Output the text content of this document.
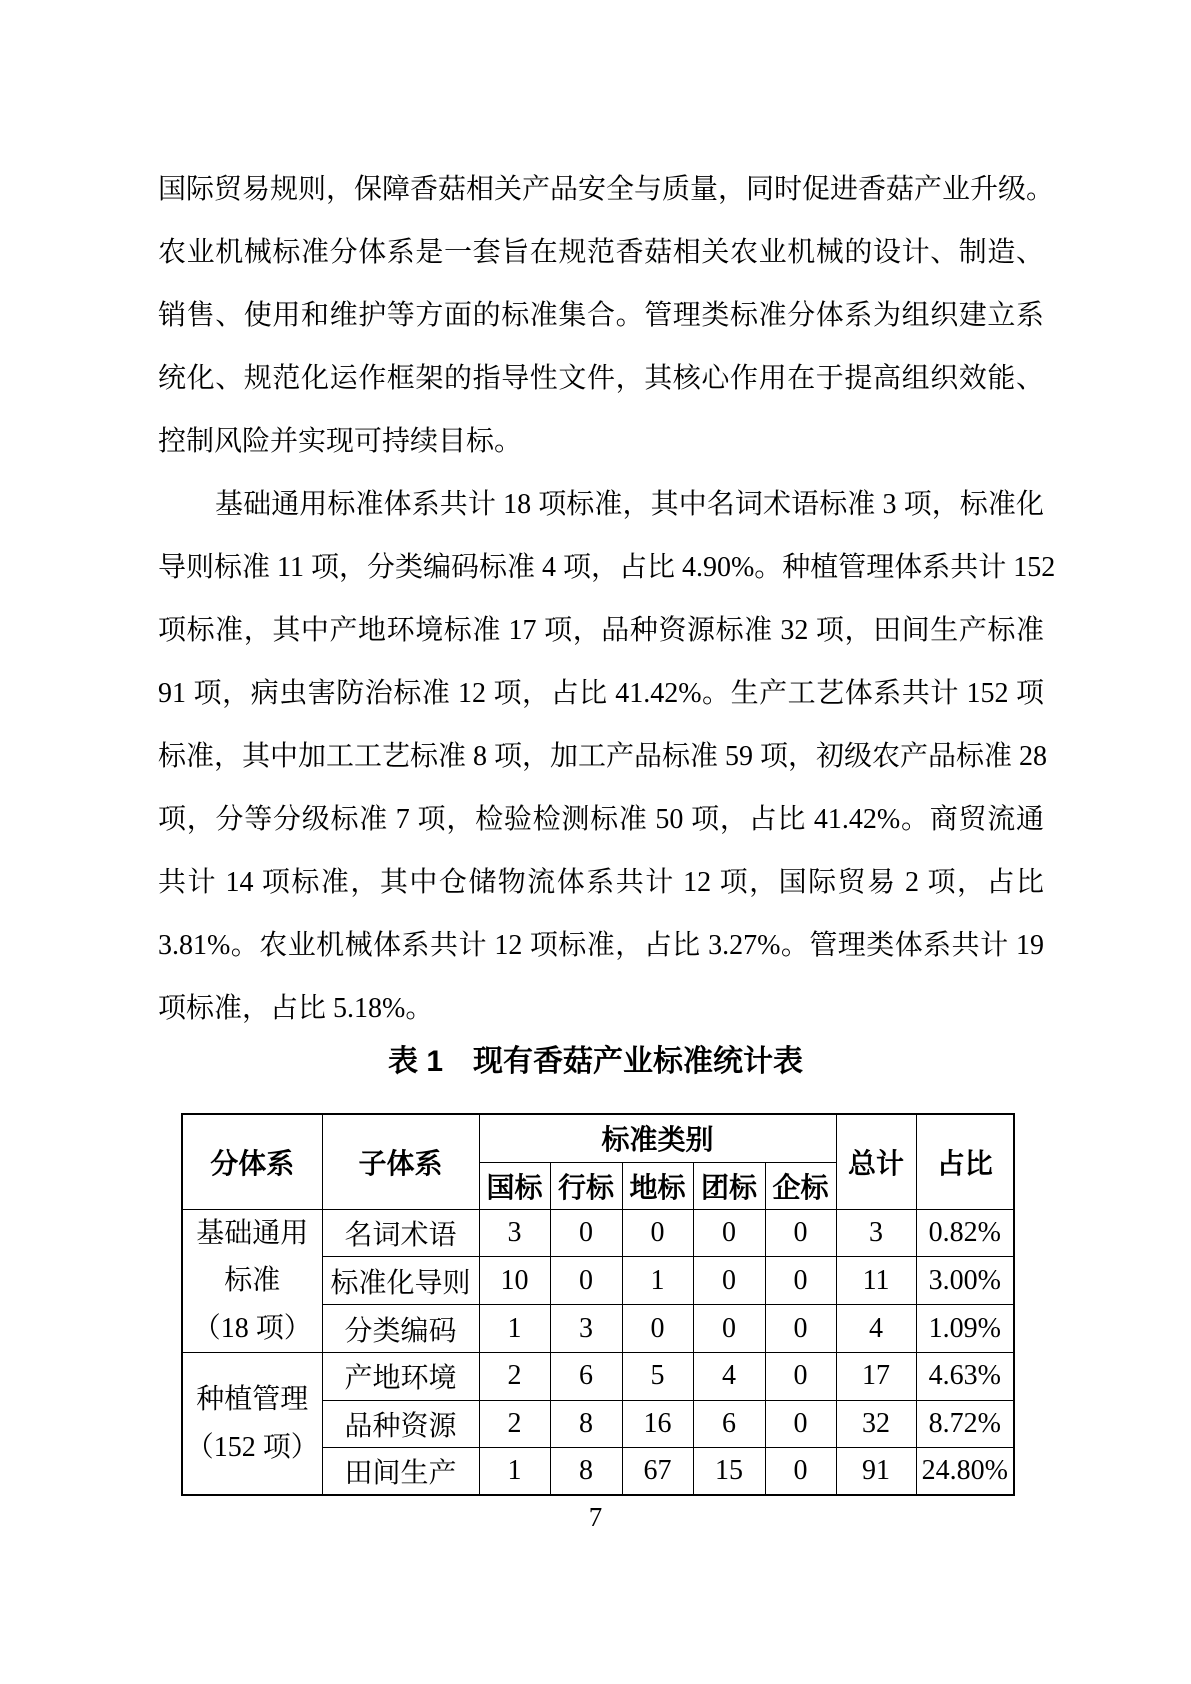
国际贸易规则，保障香菇相关产品安全与质量，同时促进香菇产业升级。
农业机械标准分体系是一套旨在规范香菇相关农业机械的设计、制造、
销售、使用和维护等方面的标准集合。管理类标准分体系为组织建立系
统化、规范化运作框架的指导性文件，其核心作用在于提高组织效能、
控制风险并实现可持续目标。
基础通用标准体系共计 18 项标准，其中名词术语标准 3 项，标准化
导则标准 11 项，分类编码标准 4 项，占比 4.90%。种植管理体系共计 152
项标准，其中产地环境标准 17 项，品种资源标准 32 项，田间生产标准
91 项，病虫害防治标准 12 项，占比 41.42%。生产工艺体系共计 152 项
标准，其中加工工艺标准 8 项，加工产品标准 59 项，初级农产品标准 28
项，分等分级标准 7 项，检验检测标准 50 项，占比 41.42%。商贸流通
共计 14 项标准，其中仓储物流体系共计 12 项，国际贸易 2 项，占比
3.81%。农业机械体系共计 12 项标准，占比 3.27%。管理类体系共计 19
项标准，占比 5.18%。
表 1　现有香菇产业标准统计表
分体系	子体系	标准类别					总计	占比
		国标	行标	地标	团标	企标		

基础通用
标准
（18 项）	名词术语	3	0	0	0	0	3	0.82%
	标准化导则	10	0	1	0	0	11	3.00%
	分类编码	1	3	0	0	0	4	1.09%

种植管理
（152 项）	产地环境	2	6	5	4	0	17	4.63%
	品种资源	2	8	16	6	0	32	8.72%
	田间生产	1	8	67	15	0	91	24.80%
7
